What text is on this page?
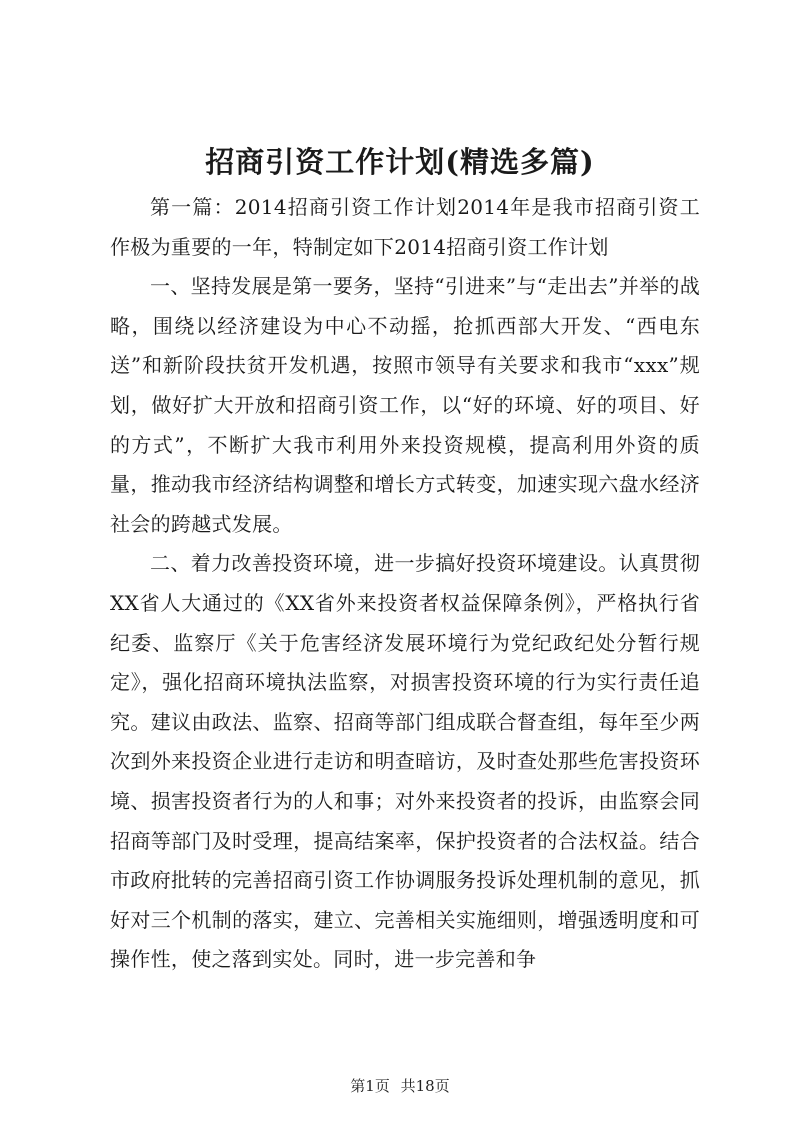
招商引资工作计划(精选多篇)

第一篇：2014招商引资工作计划2014年是我市招商引资工作极为重要的一年，特制定如下2014招商引资工作计划

一、坚持发展是第一要务，坚持“引进来”与“走出去”并举的战略，围绕以经济建设为中心不动摇，抢抓西部大开发、“西电东送”和新阶段扶贫开发机遇，按照市领导有关要求和我市“xxx”规划，做好扩大开放和招商引资工作，以“好的环境、好的项目、好的方式”，不断扩大我市利用外来投资规模，提高利用外资的质量，推动我市经济结构调整和增长方式转变，加速实现六盘水经济社会的跨越式发展。

二、着力改善投资环境，进一步搞好投资环境建设。认真贯彻XX省人大通过的《XX省外来投资者权益保障条例》，严格执行省纪委、监察厅《关于危害经济发展环境行为党纪政纪处分暂行规定》，强化招商环境执法监察，对损害投资环境的行为实行责任追究。建议由政法、监察、招商等部门组成联合督查组，每年至少两次到外来投资企业进行走访和明查暗访，及时查处那些危害投资环境、损害投资者行为的人和事；对外来投资者的投诉，由监察会同招商等部门及时受理，提高结案率，保护投资者的合法权益。结合市政府批转的完善招商引资工作协调服务投诉处理机制的意见，抓好对三个机制的落实，建立、完善相关实施细则，增强透明度和可操作性，使之落到实处。同时，进一步完善和争

第1页 共18页
